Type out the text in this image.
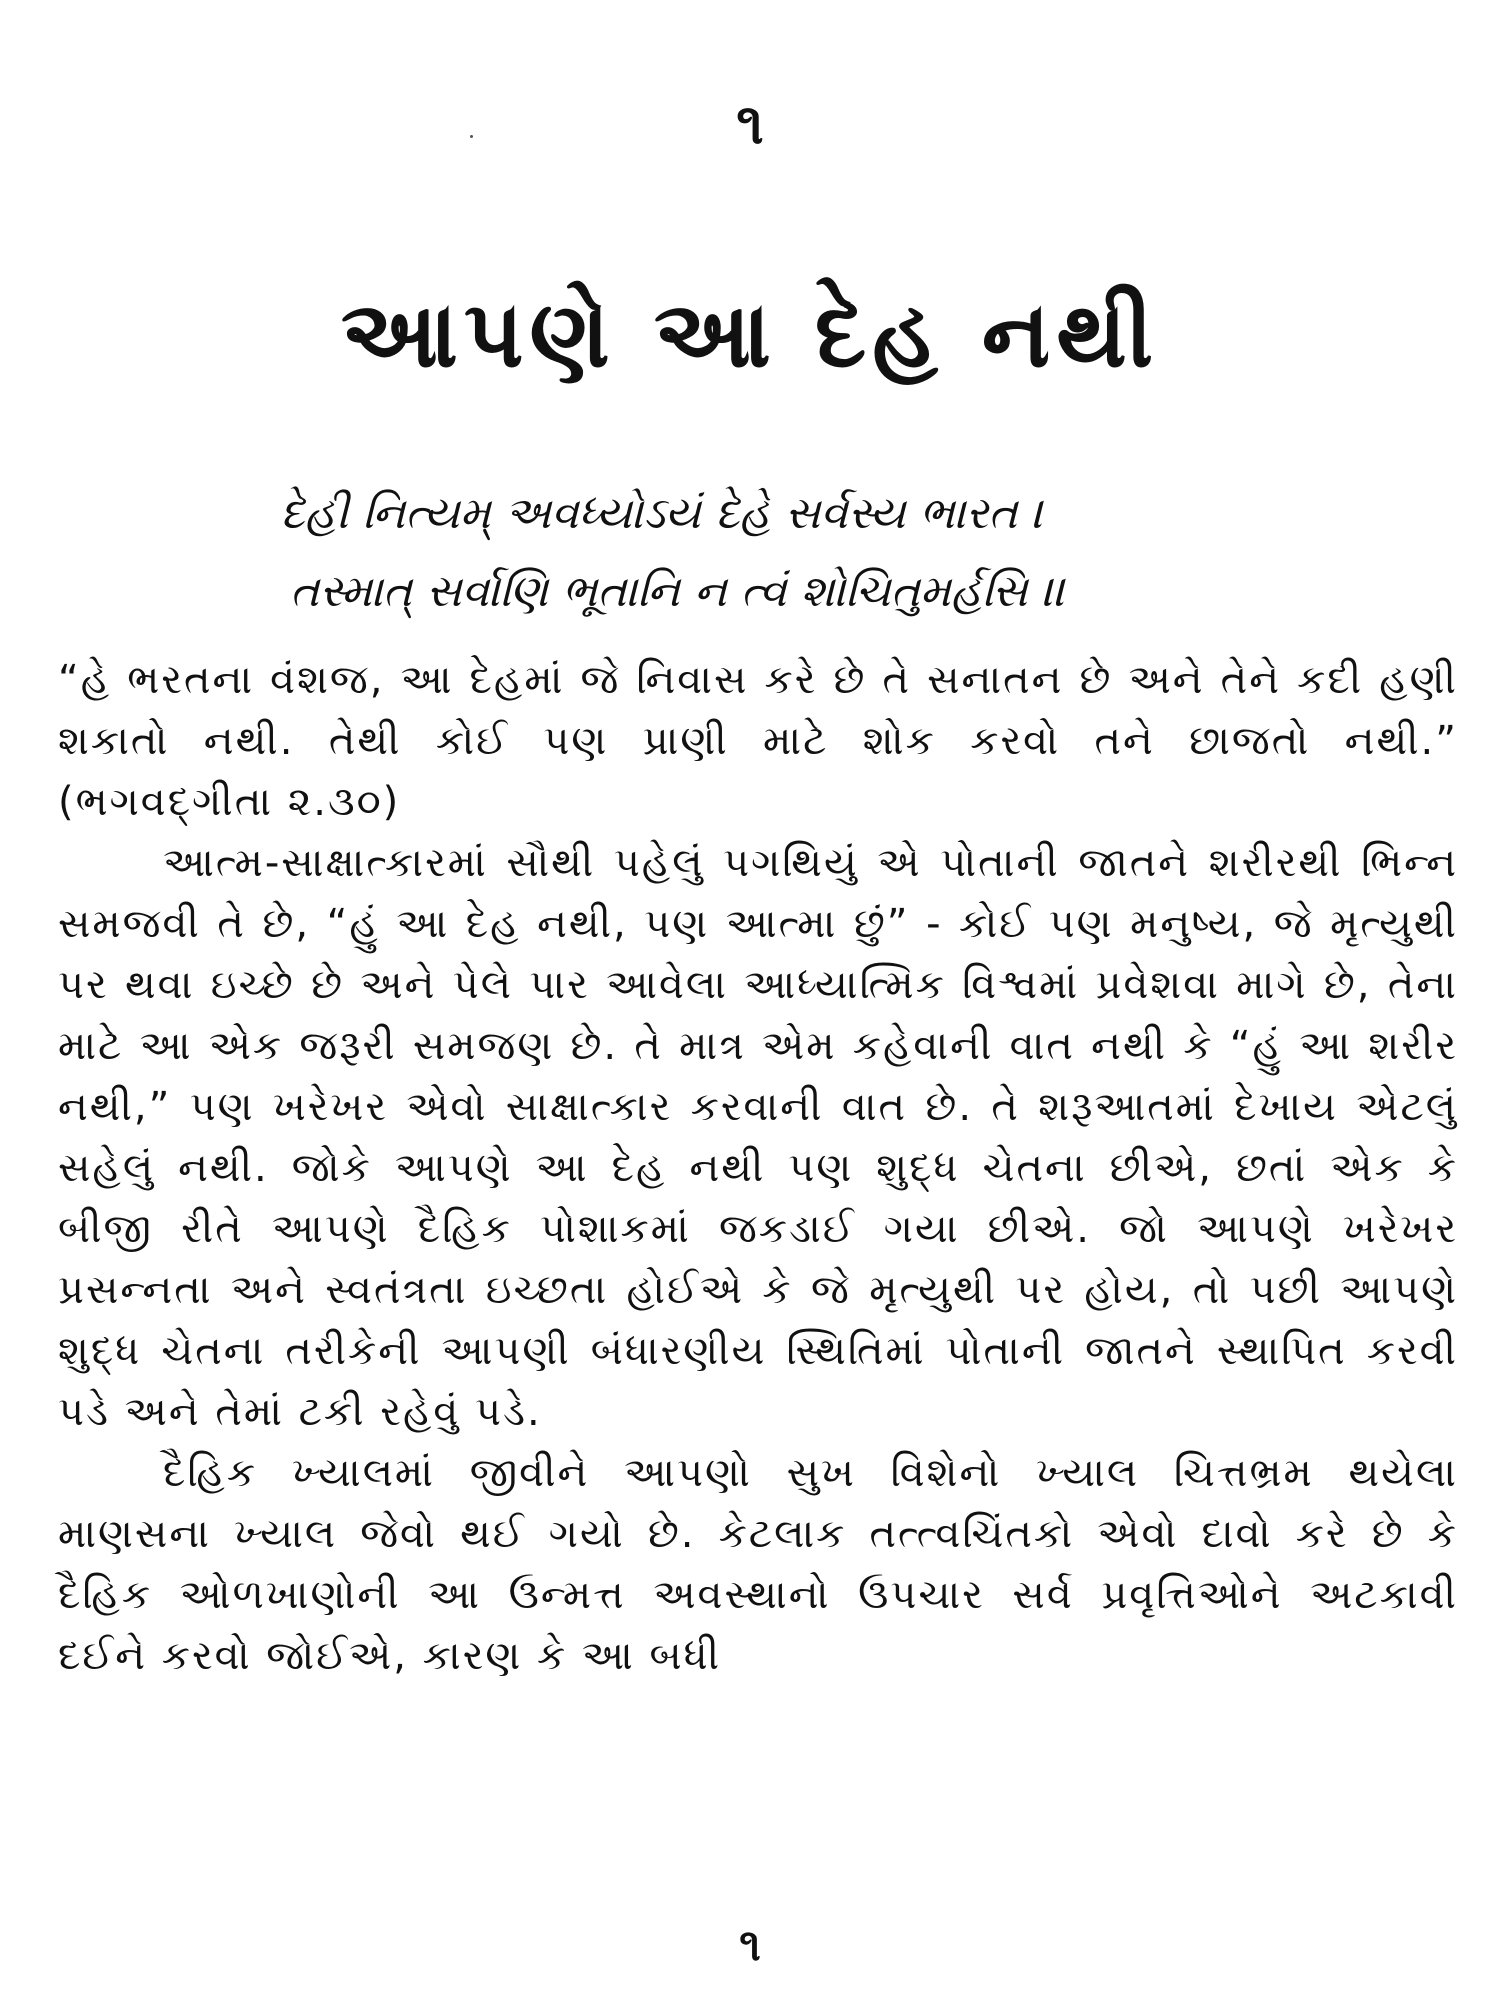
૧
આપણે આ દેહ નથી
દેહી નિત્યમ્ અવધ્યોઽયં દેહે સર્વસ્ય ભારત ।
તસ્માત્ સર્વાણિ ભૂતાનિ ન ત્વં શોચિતુમર્હસિ ।।

“હે ભરતના વંશજ, આ દેહમાં જે નિવાસ કરે છે તે સનાતન છે અને તેને કદી હણી શકાતો નથી. તેથી કોઈ પણ પ્રાણી માટે શોક કરવો તને છાજતો નથી.” (ભગવદ્ગીતા ૨.૩૦)

આત્મ-સાક્ષાત્કારમાં સૌથી પહેલું પગથિયું એ પોતાની જાતને શરીરથી ભિન્ન સમજવી તે છે, “હું આ દેહ નથી, પણ આત્મા છું” - કોઈ પણ મનુષ્ય, જે મૃત્યુથી પર થવા ઇચ્છે છે અને પેલે પાર આવેલા આધ્યાત્મિક વિશ્વમાં પ્રવેશવા માગે છે, તેના માટે આ એક જરૂરી સમજણ છે. તે માત્ર એમ કહેવાની વાત નથી કે “હું આ શરીર નથી,” પણ ખરેખર એવો સાક્ષાત્કાર કરવાની વાત છે. તે શરૂઆતમાં દેખાય એટલું સહેલું નથી. જોકે આપણે આ દેહ નથી પણ શુદ્ધ ચેતના છીએ, છતાં એક કે બીજી રીતે આપણે દૈહિક પોશાકમાં જકડાઈ ગયા છીએ. જો આપણે ખરેખર પ્રસન્નતા અને સ્વતંત્રતા ઇચ્છતા હોઈએ કે જે મૃત્યુથી પર હોય, તો પછી આપણે શુદ્ધ ચેતના તરીકેની આપણી બંધારણીય સ્થિતિમાં પોતાની જાતને સ્થાપિત કરવી પડે અને તેમાં ટકી રહેવું પડે.

દૈહિક ખ્યાલમાં જીવીને આપણો સુખ વિશેનો ખ્યાલ ચિત્તભ્રમ થયેલા માણસના ખ્યાલ જેવો થઈ ગયો છે. કેટલાક તત્ત્વચિંતકો એવો દાવો કરે છે કે દૈહિક ઓળખાણોની આ ઉન્મત્ત અવસ્થાનો ઉપચાર સર્વ પ્રવૃત્તિઓને અટકાવી દઈને કરવો જોઈએ, કારણ કે આ બધી

૧
